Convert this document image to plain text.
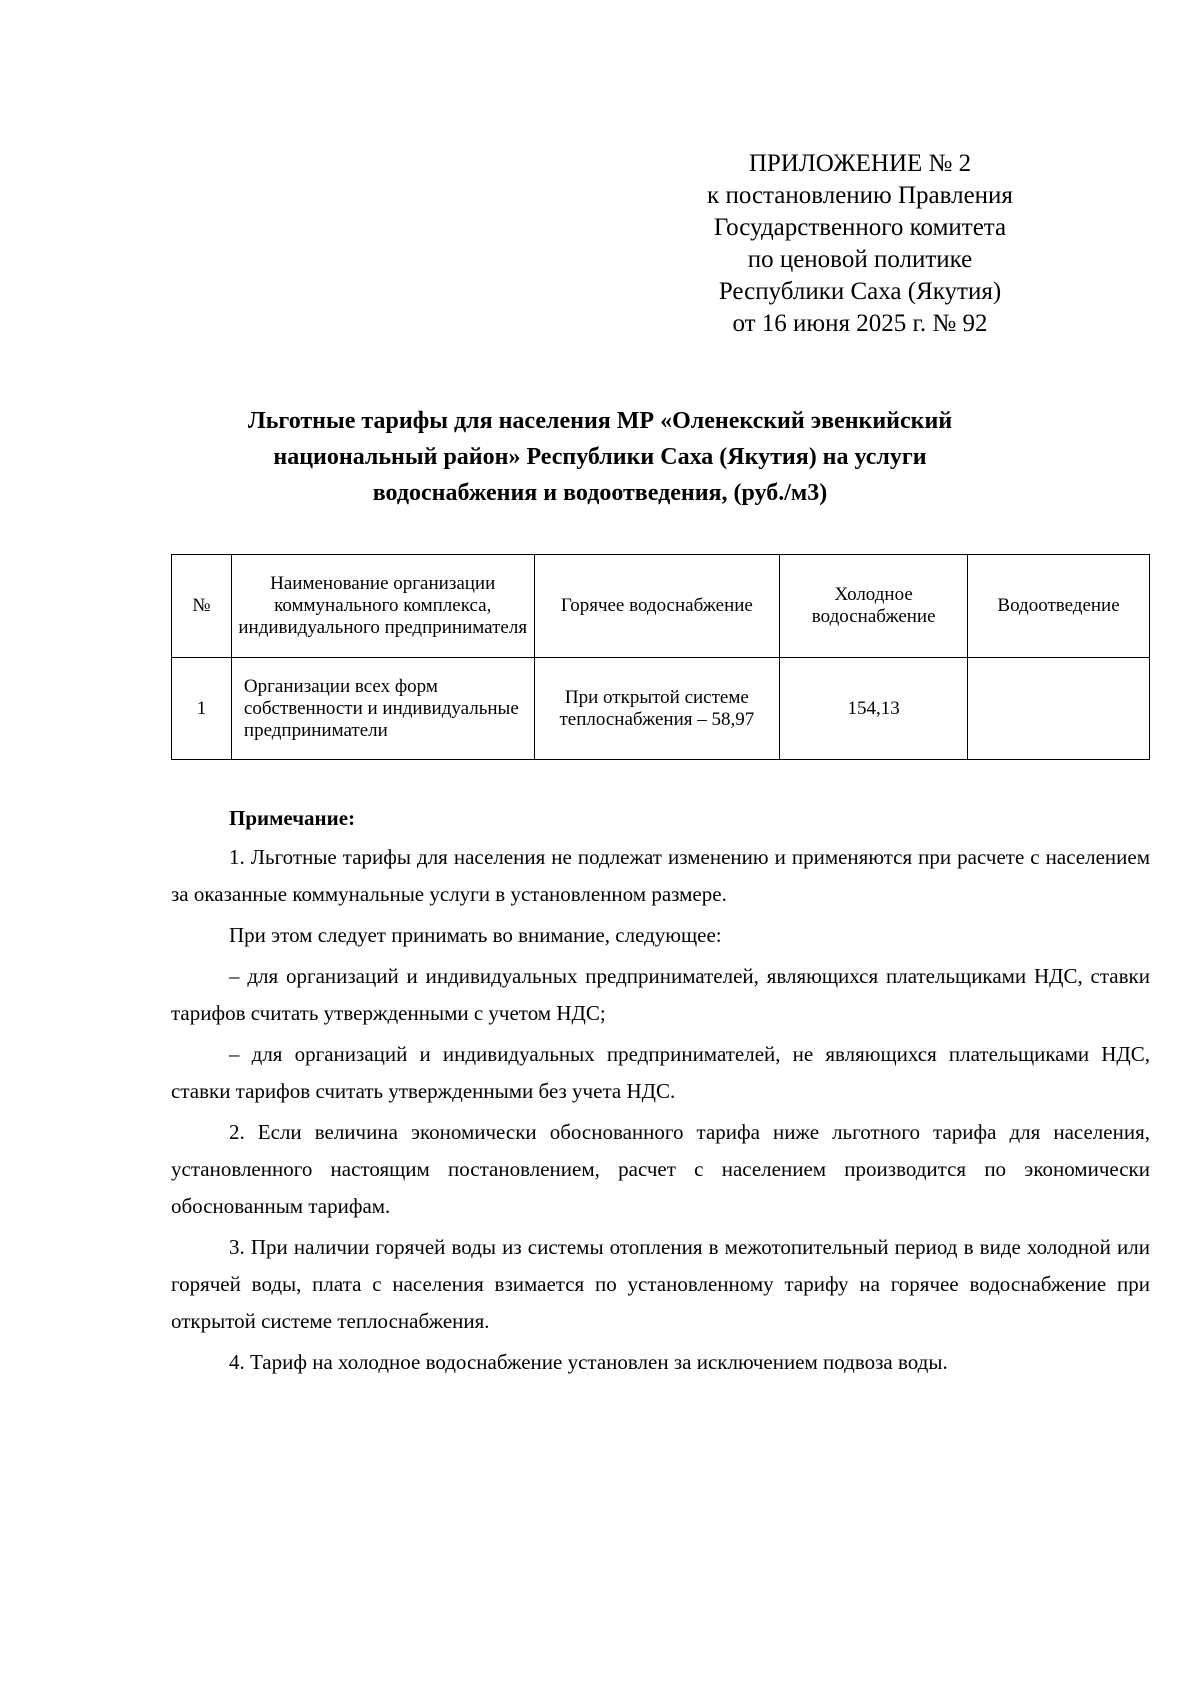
ПРИЛОЖЕНИЕ № 2
к постановлению Правления
Государственного комитета
по ценовой политике
Республики Саха (Якутия)
от 16 июня 2025 г. № 92
Льготные тарифы для населения МР «Оленекский эвенкийский
национальный район» Республики Саха (Якутия) на услуги
водоснабжения и водоотведения, (руб./м3)
№	Наименование организации коммунального комплекса, индивидуального предпринимателя	Горячее водоснабжение	Холодное водоснабжение	Водоотведение
1	Организации всех форм собственности и индивидуальные предприниматели	При открытой системе теплоснабжения – 58,97	154,13	

Примечание:

1. Льготные тарифы для населения не подлежат изменению и применяются при расчете с населением за оказанные коммунальные услуги в установленном размере.

При этом следует принимать во внимание, следующее:

– для организаций и индивидуальных предпринимателей, являющихся плательщиками НДС, ставки тарифов считать утвержденными с учетом НДС;

– для организаций и индивидуальных предпринимателей, не являющихся плательщиками НДС, ставки тарифов считать утвержденными без учета НДС.

2. Если величина экономически обоснованного тарифа ниже льготного тарифа для населения, установленного настоящим постановлением, расчет с населением производится по экономически обоснованным тарифам.

3. При наличии горячей воды из системы отопления в межотопительный период в виде холодной или горячей воды, плата с населения взимается по установленному тарифу на горячее водоснабжение при открытой системе теплоснабжения.

4. Тариф на холодное водоснабжение установлен за исключением подвоза воды.
